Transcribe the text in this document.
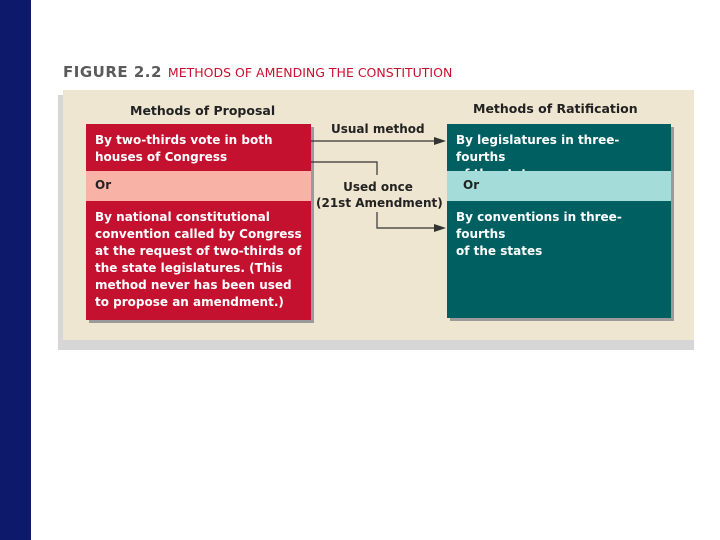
FIGURE 2.2 METHODS OF AMENDING THE CONSTITUTION
Methods of Proposal	Methods of Ratification
By two-thirds vote in both
houses of Congress
Or
By national constitutional
convention called by Congress
at the request of two-thirds of
the state legislatures. (This
method never has been used
to propose an amendment.)
By legislatures in three-fourths
Or
By conventions in three-fourths
of the states
Usual method
Used once
(21st Amendment)
